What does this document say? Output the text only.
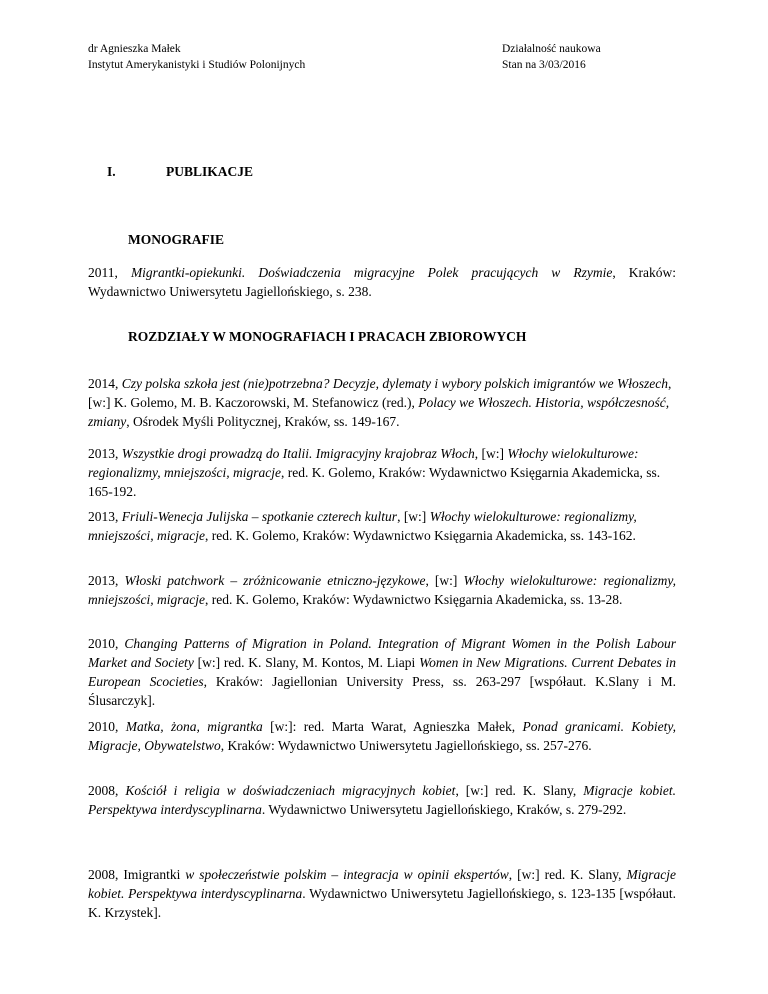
dr Agnieszka Małek
Instytut Amerykanistyki i Studiów Polonijnych
Działalność naukowa
Stan na 3/03/2016
I.	PUBLIKACJE
MONOGRAFIE
2011, Migrantki-opiekunki. Doświadczenia migracyjne Polek pracujących w Rzymie, Kraków: Wydawnictwo Uniwersytetu Jagiellońskiego, s. 238.
ROZDZIAŁY W MONOGRAFIACH I PRACACH ZBIOROWYCH
2014, Czy polska szkoła jest (nie)potrzebna? Decyzje, dylematy i wybory polskich imigrantów we Włoszech, [w:] K. Golemo, M. B. Kaczorowski, M. Stefanowicz (red.), Polacy we Włoszech. Historia, współczesność, zmiany, Ośrodek Myśli Politycznej, Kraków, ss. 149-167.
2013, Wszystkie drogi prowadzą do Italii. Imigracyjny krajobraz Włoch, [w:] Włochy wielokulturowe: regionalizmy, mniejszości, migracje, red. K. Golemo, Kraków: Wydawnictwo Księgarnia Akademicka, ss. 165-192.
2013, Friuli-Wenecja Julijska – spotkanie czterech kultur, [w:] Włochy wielokulturowe: regionalizmy, mniejszości, migracje, red. K. Golemo, Kraków: Wydawnictwo Księgarnia Akademicka, ss. 143-162.
2013, Włoski patchwork – zróżnicowanie etniczno-językowe, [w:] Włochy wielokulturowe: regionalizmy, mniejszości, migracje, red. K. Golemo, Kraków: Wydawnictwo Księgarnia Akademicka, ss. 13-28.
2010, Changing Patterns of Migration in Poland. Integration of Migrant Women in the Polish Labour Market and Society [w:] red. K. Slany, M. Kontos, M. Liapi Women in New Migrations. Current Debates in European Scocieties, Kraków: Jagiellonian University Press, ss. 263-297 [współaut. K.Slany i M. Ślusarczyk].
2010, Matka, żona, migrantka [w:]: red. Marta Warat, Agnieszka Małek, Ponad granicami. Kobiety, Migracje, Obywatelstwo, Kraków: Wydawnictwo Uniwersytetu Jagiellońskiego, ss. 257-276.
2008, Kościół i religia w doświadczeniach migracyjnych kobiet, [w:] red. K. Slany, Migracje kobiet. Perspektywa interdyscyplinarna. Wydawnictwo Uniwersytetu Jagiellońskiego, Kraków, s. 279-292.
2008, Imigrantki w społeczeństwie polskim – integracja w opinii ekspertów, [w:] red. K. Slany, Migracje kobiet. Perspektywa interdyscyplinarna. Wydawnictwo Uniwersytetu Jagiellońskiego, s. 123-135 [współaut. K. Krzystek].
